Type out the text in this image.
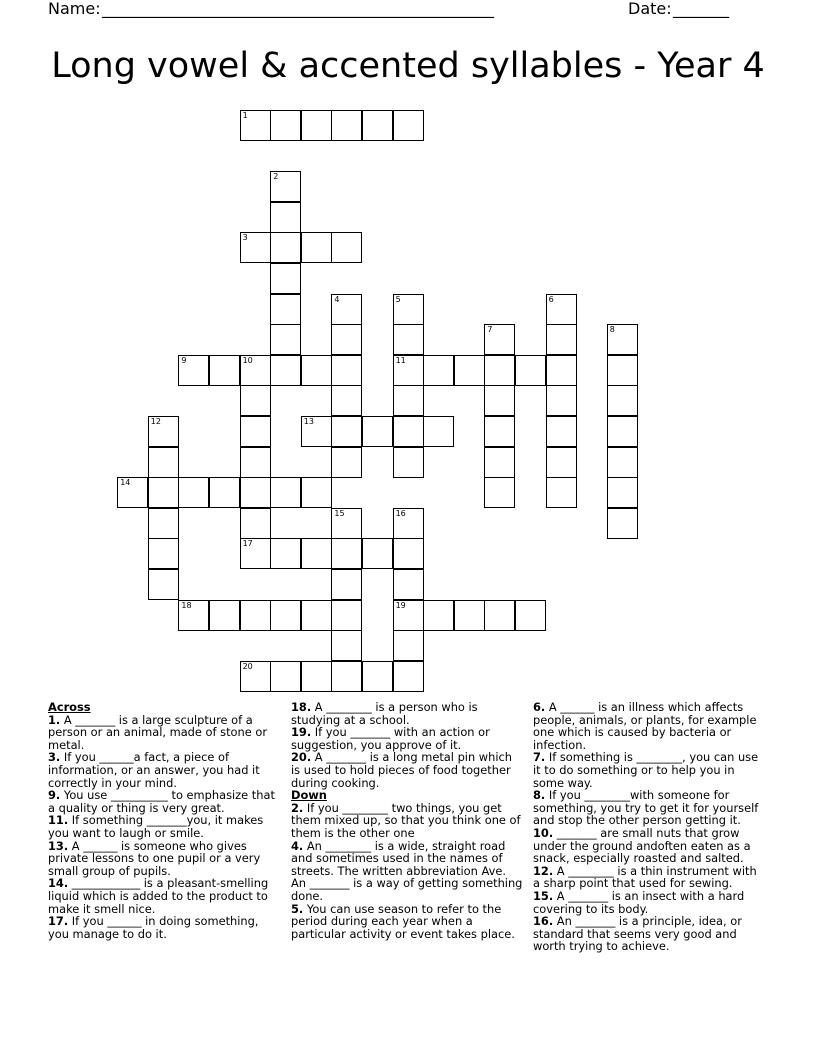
Name: _________________________________________________	Date: _______
Long vowel & accented syllables - Year 4
1
2
3
4	5	6
7	8
9	10	11
12	13
14
15	16
17
18	19
20

Across

1. A _______ is a large sculpture of a person or an animal, made of stone or metal.

3. If you ______a fact, a piece of information, or an answer, you had it correctly in your mind.

9. You use __________ to emphasize that a quality or thing is very great.

11. If something _______you, it makes you want to laugh or smile.

13. A ______ is someone who gives private lessons to one pupil or a very small group of pupils.

14. ____________ is a pleasant-smelling liquid which is added to the product to make it smell nice.

17. If you ______ in doing something, you manage to do it.

18. A ________ is a person who is studying at a school.

19. If you _______ with an action or suggestion, you approve of it.

20. A _______ is a long metal pin which is used to hold pieces of food together during cooking.

Down

2. If you ________ two things, you get them mixed up, so that you think one of them is the other one

4. An ________ is a wide, straight road and sometimes used in the names of streets. The written abbreviation Ave. An _______ is a way of getting something done.

5. You can use season to refer to the period during each year when a particular activity or event takes place.

6. A ______ is an illness which affects people, animals, or plants, for example one which is caused by bacteria or infection.

7. If something is ________, you can use it to do something or to help you in some way.

8. If you ________with someone for something, you try to get it for yourself and stop the other person getting it.

10. _______ are small nuts that grow under the ground andoften eaten as a snack, especially roasted and salted.

12. A ________ is a thin instrument with a sharp point that used for sewing.

15. A _______ is an insect with a hard covering to its body.

16. An _______ is a principle, idea, or standard that seems very good and worth trying to achieve.
